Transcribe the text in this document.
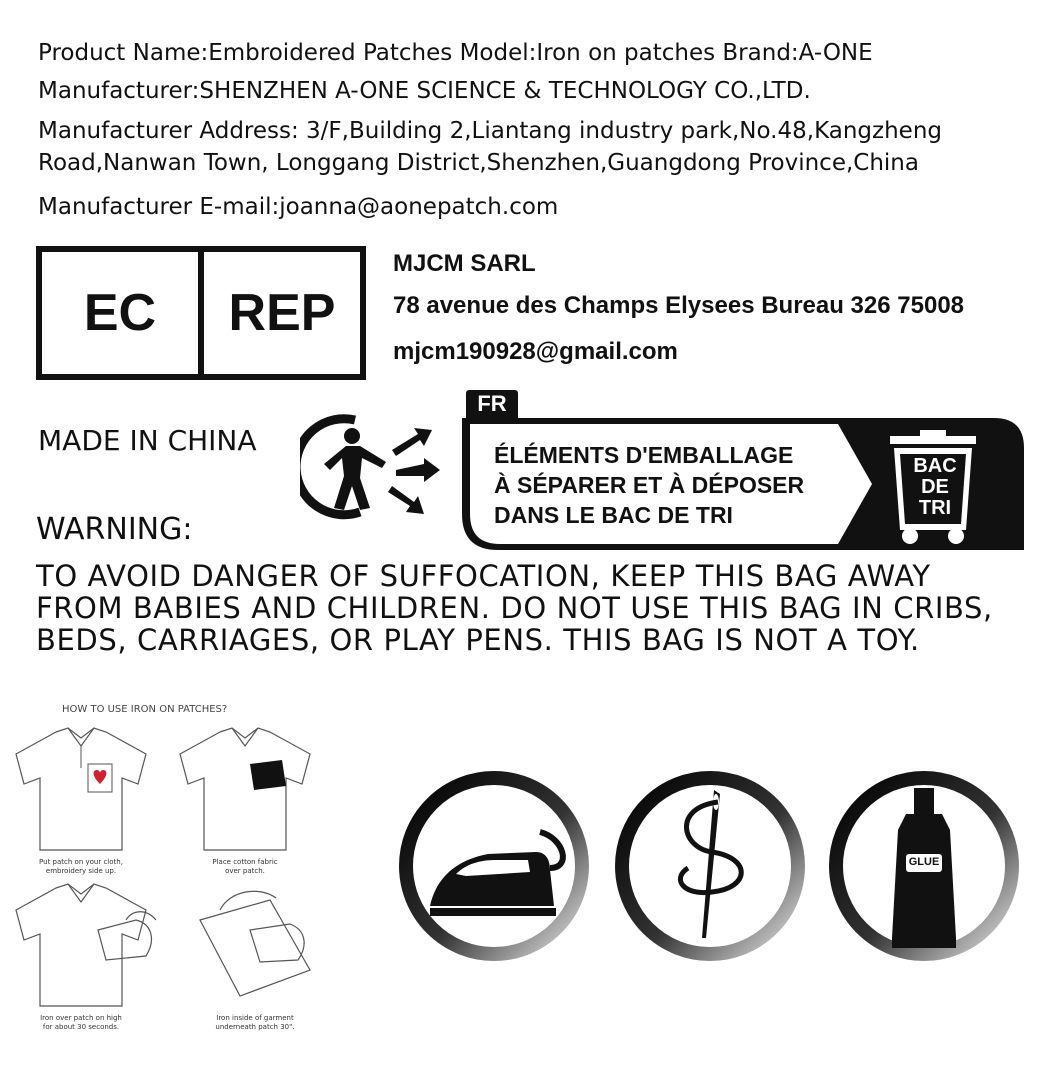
Product Name:Embroidered Patches Model:Iron on patches Brand:A-ONE
Manufacturer:SHENZHEN A-ONE SCIENCE & TECHNOLOGY CO.,LTD.
Manufacturer Address: 3/F,Building 2,Liantang industry park,No.48,Kangzheng
Road,Nanwan Town, Longgang District,Shenzhen,Guangdong Province,China
Manufacturer E-mail:joanna@aonepatch.com
EC	REP
MJCM SARL
78 avenue des Champs Elysees Bureau 326 75008
mjcm190928@gmail.com
MADE IN CHINA
FR
ÉLÉMENTS D'EMBALLAGE
À SÉPARER ET À DÉPOSER
DANS LE BAC DE TRI
BAC
DE
TRI
WARNING:
TO AVOID DANGER OF SUFFOCATION, KEEP THIS BAG AWAY
FROM BABIES AND CHILDREN. DO NOT USE THIS BAG IN CRIBS,
BEDS, CARRIAGES, OR PLAY PENS. THIS BAG IS NOT A TOY.
HOW TO USE IRON ON PATCHES?
Put patch on your cloth,
embroidery side up.
Place cotton fabric
over patch.
Iron over patch on high
for about 30 seconds.
Iron inside of garment
underneath patch 30".
GLUE
